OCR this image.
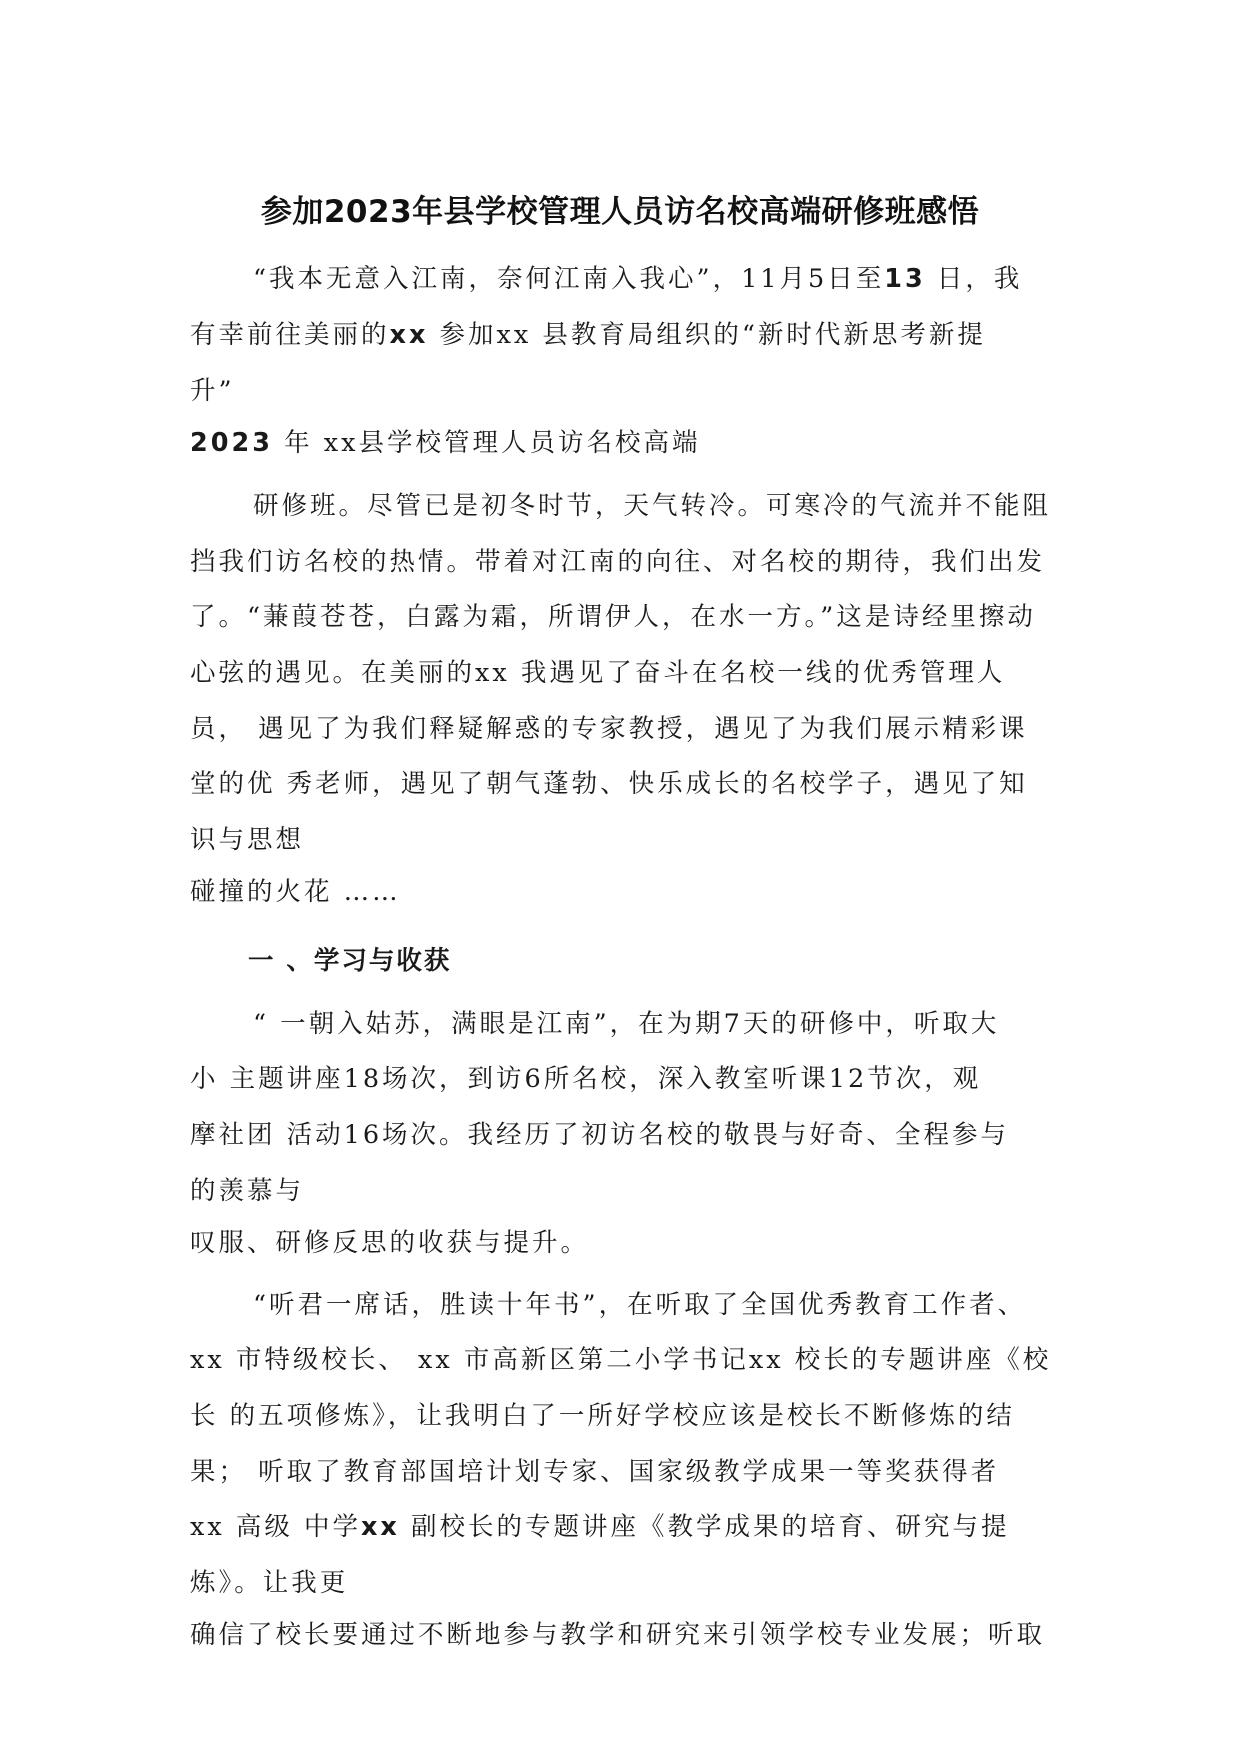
参加2023年县学校管理人员访名校高端研修班感悟
“我本无意入江南，奈何江南入我心”，11月5日至13 日，我
有幸前往美丽的xx 参加xx 县教育局组织的“新时代新思考新提
升”
2023 年 xx县学校管理人员访名校高端
研修班。尽管已是初冬时节，天气转冷。可寒冷的气流并不能阻
挡我们访名校的热情。带着对江南的向往、对名校的期待，我们出发
了。“蒹葭苍苍，白露为霜，所谓伊人，在水一方。”这是诗经里擦动
心弦的遇见。在美丽的xx 我遇见了奋斗在名校一线的优秀管理人
员， 遇见了为我们释疑解惑的专家教授，遇见了为我们展示精彩课
堂的优 秀老师，遇见了朝气蓬勃、快乐成长的名校学子，遇见了知
识与思想
碰撞的火花 ……
一 、学习与收获
“ 一朝入姑苏，满眼是江南”，在为期7天的研修中，听取大
小 主题讲座18场次，到访6所名校，深入教室听课12节次，观
摩社团 活动16场次。我经历了初访名校的敬畏与好奇、全程参与
的羡慕与
叹服、研修反思的收获与提升。
“听君一席话，胜读十年书”，在听取了全国优秀教育工作者、
xx 市特级校长、 xx 市高新区第二小学书记xx 校长的专题讲座《校
长 的五项修炼》，让我明白了一所好学校应该是校长不断修炼的结
果； 听取了教育部国培计划专家、国家级教学成果一等奖获得者
xx 高级 中学xx 副校长的专题讲座《教学成果的培育、研究与提
炼》。让我更
确信了校长要通过不断地参与教学和研究来引领学校专业发展；听取
